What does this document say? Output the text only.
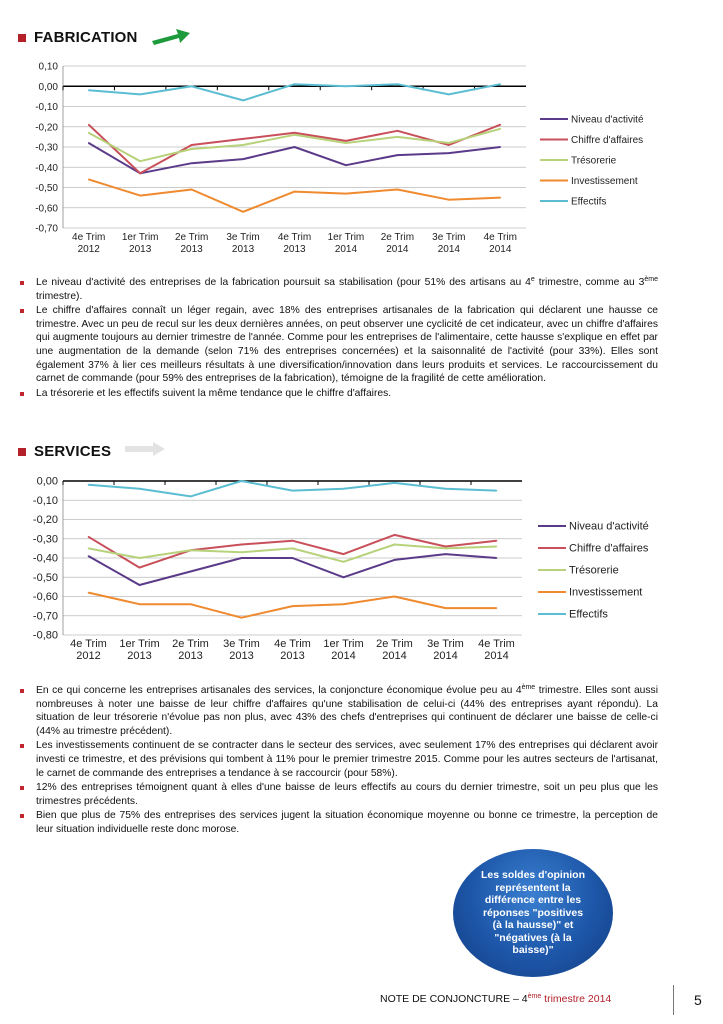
FABRICATION
0,10
0,00
-0,10
-0,20
-0,30
-0,40
-0,50
-0,60
-0,70
4e Trim
2012
1er Trim
2013
2e Trim
2013
3e Trim
2013
4e Trim
2013
1er Trim
2014
2e Trim
2014
3e Trim
2014
4e Trim
2014
Niveau d'activité
Chiffre d'affaires
Trésorerie
Investissement
Effectifs
Le niveau d'activité des entreprises de la fabrication poursuit sa stabilisation (pour 51% des artisans au 4e trimestre, comme au 3ème trimestre).
Le chiffre d'affaires connaît un léger regain, avec 18% des entreprises artisanales de la fabrication qui déclarent une hausse ce trimestre. Avec un peu de recul sur les deux dernières années, on peut observer une cyclicité de cet indicateur, avec un chiffre d'affaires qui augmente toujours au dernier trimestre de l'année. Comme pour les entreprises de l'alimentaire, cette hausse s'explique en effet par une augmentation de la demande (selon 71% des entreprises concernées) et la saisonnalité de l'activité (pour 33%). Elles sont également 37% à lier ces meilleurs résultats à une diversification/innovation dans leurs produits et services. Le raccourcissement du carnet de commande (pour 59% des entreprises de la fabrication), témoigne de la fragilité de cette amélioration.
La trésorerie et les effectifs suivent la même tendance que le chiffre d'affaires.
SERVICES
0,00
-0,10
-0,20
-0,30
-0,40
-0,50
-0,60
-0,70
-0,80
4e Trim
2012
1er Trim
2013
2e Trim
2013
3e Trim
2013
4e Trim
2013
1er Trim
2014
2e Trim
2014
3e Trim
2014
4e Trim
2014
Niveau d'activité
Chiffre d'affaires
Trésorerie
Investissement
Effectifs
En ce qui concerne les entreprises artisanales des services, la conjoncture économique évolue peu au 4ème trimestre. Elles sont aussi nombreuses à noter une baisse de leur chiffre d'affaires qu'une stabilisation de celui-ci (44% des entreprises ayant répondu). La situation de leur trésorerie n'évolue pas non plus, avec 43% des chefs d'entreprises qui continuent de déclarer une baisse de celle-ci (44% au trimestre précédent).
Les investissements continuent de se contracter dans le secteur des services, avec seulement 17% des entreprises qui déclarent avoir investi ce trimestre, et des prévisions qui tombent à 11% pour le premier trimestre 2015. Comme pour les autres secteurs de l'artisanat, le carnet de commande des entreprises a tendance à se raccourcir (pour 58%).
12% des entreprises témoignent quant à elles d'une baisse de leurs effectifs au cours du dernier trimestre, soit un peu plus que les trimestres précédents.
Bien que plus de 75% des entreprises des services jugent la situation économique moyenne ou bonne ce trimestre, la perception de leur situation individuelle reste donc morose.
Les soldes d'opinion
représentent la
différence entre les
réponses "positives
(à la hausse)" et
"négatives (à la
baisse)"
NOTE DE CONJONCTURE – 4ème trimestre 2014	5
